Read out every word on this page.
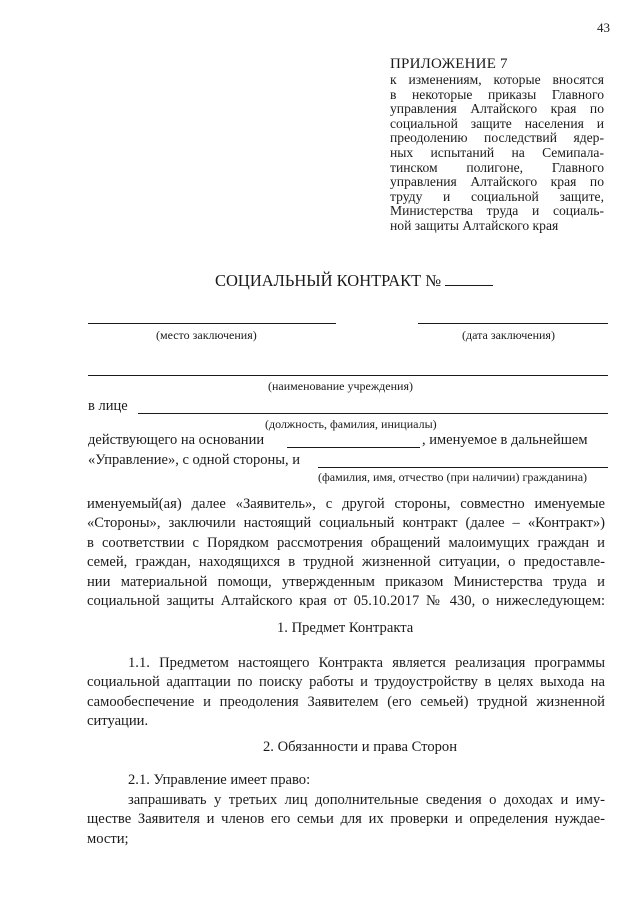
43
ПРИЛОЖЕНИЕ 7
к изменениям, которые вносятся
в некоторые приказы Главного
управления Алтайского края по
социальной защите населения и
преодолению последствий ядер-
ных испытаний на Семипала-
тинском полигоне, Главного
управления Алтайского края по
труду и социальной защите,
Министерства труда и социаль-
ной защиты Алтайского края
СОЦИАЛЬНЫЙ КОНТРАКТ №
(место заключения)	(дата заключения)
(наименование учреждения)
в лице
(должность, фамилия, инициалы)
действующего на основании	, именуемое в дальнейшем
«Управление», с одной стороны, и
(фамилия, имя, отчество (при наличии) гражданина)
именуемый(ая) далее «Заявитель», с другой стороны, совместно именуемые
«Стороны», заключили настоящий социальный контракт (далее – «Контракт»)
в соответствии с Порядком рассмотрения обращений малоимущих граждан и
семей, граждан, находящихся в трудной жизненной ситуации, о предоставле-
нии материальной помощи, утвержденным приказом Министерства труда и
социальной защиты Алтайского края от 05.10.2017 № 430, о нижеследующем:
1. Предмет Контракта
1.1. Предметом настоящего Контракта является реализация программы
социальной адаптации по поиску работы и трудоустройству в целях выхода на
самообеспечение и преодоления Заявителем (его семьей) трудной жизненной
ситуации.
2. Обязанности и права Сторон
2.1. Управление имеет право:
запрашивать у третьих лиц дополнительные сведения о доходах и иму-
ществе Заявителя и членов его семьи для их проверки и определения нуждае-
мости;
